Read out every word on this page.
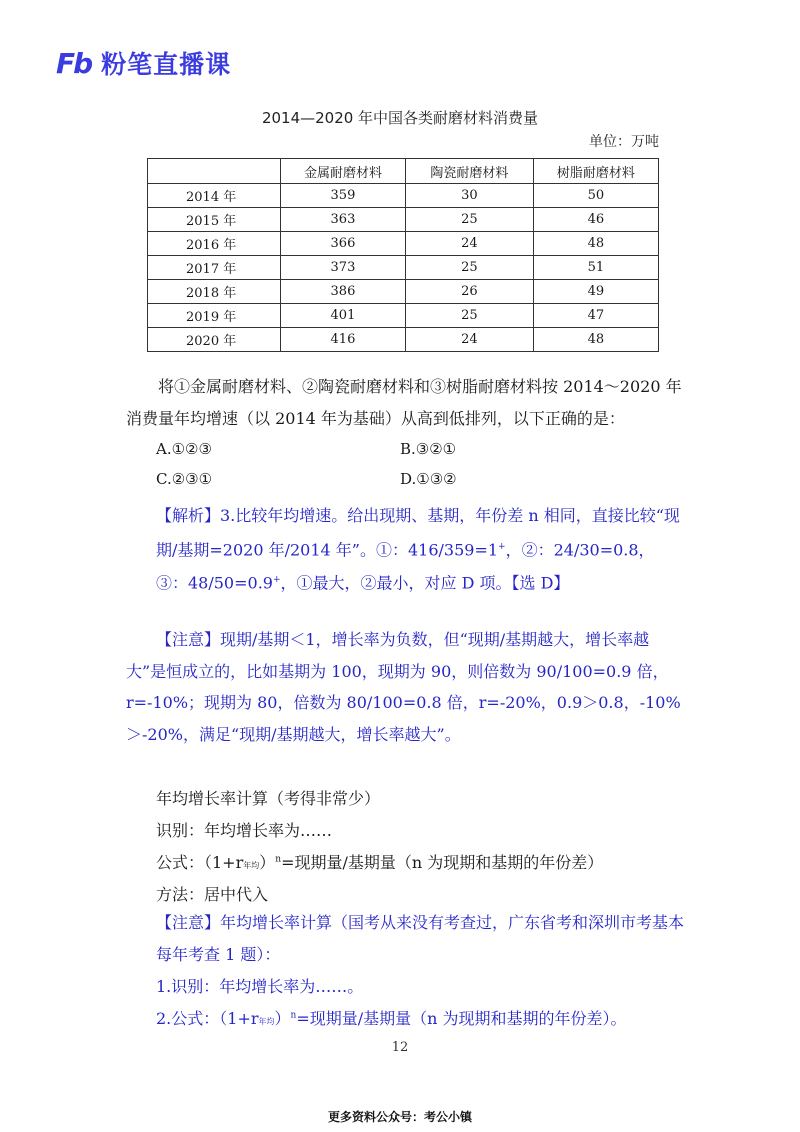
Fb 粉笔直播课
2014—2020 年中国各类耐磨材料消费量
单位：万吨
	金属耐磨材料	陶瓷耐磨材料	树脂耐磨材料
2014 年	359	30	50
2015 年	363	25	46
2016 年	366	24	48
2017 年	373	25	51
2018 年	386	26	49
2019 年	401	25	47
2020 年	416	24	48
将①金属耐磨材料、②陶瓷耐磨材料和③树脂耐磨材料按 2014～2020 年消费量年均增速（以 2014 年为基础）从高到低排列，以下正确的是：
A.①②③	B.③②①
C.②③①	D.①③②
【解析】3.比较年均增速。给出现期、基期，年份差 n 相同，直接比较“现期/基期=2020 年/2014 年”。①：416/359=1+，②：24/30=0.8，③：48/50=0.9+，①最大，②最小，对应 D 项。【选 D】
【注意】现期/基期＜1，增长率为负数，但“现期/基期越大，增长率越大”是恒成立的，比如基期为 100，现期为 90，则倍数为 90/100=0.9 倍，r=-10%；现期为 80，倍数为 80/100=0.8 倍，r=-20%，0.9＞0.8，-10%＞-20%，满足“现期/基期越大，增长率越大”。
年均增长率计算（考得非常少）
识别：年均增长率为……
公式：（1+r年均）$^n$=现期量/基期量（n 为现期和基期的年份差）
方法：居中代入
【注意】年均增长率计算（国考从来没有考查过，广东省考和深圳市考基本每年考查 1 题）：
1.识别：年均增长率为……。
2.公式：（1+r年均）$^n$=现期量/基期量（n 为现期和基期的年份差）。
12
更多资料公众号：考公小镇
